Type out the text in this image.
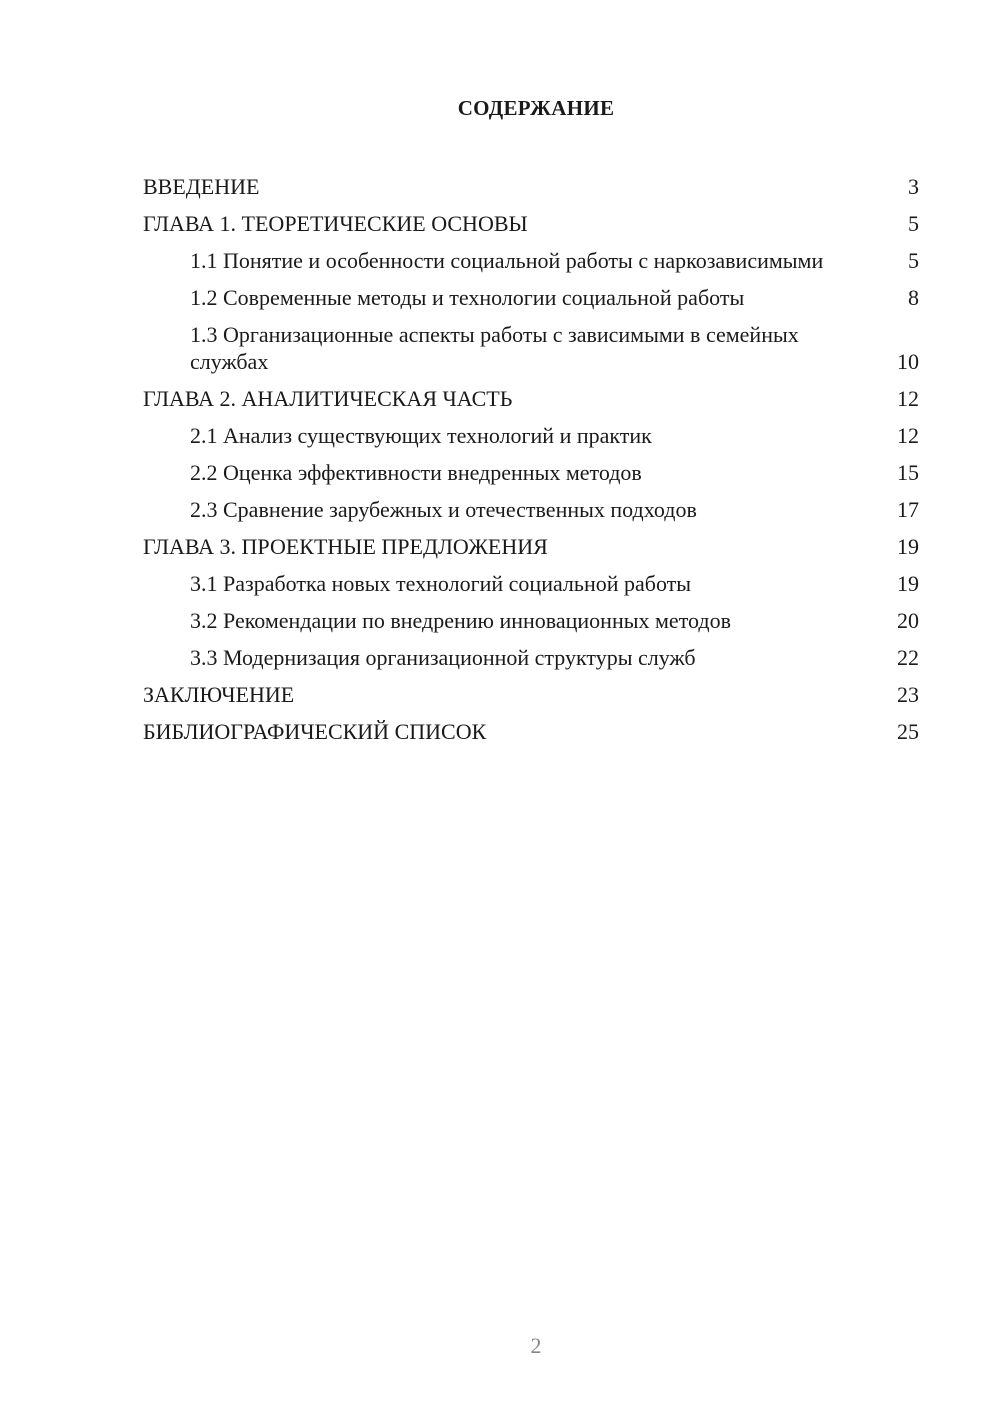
СОДЕРЖАНИЕ
ВВЕДЕНИЕ	3
ГЛАВА 1. ТЕОРЕТИЧЕСКИЕ ОСНОВЫ	5
1.1 Понятие и особенности социальной работы с наркозависимыми	5
1.2 Современные методы и технологии социальной работы	8
1.3 Организационные аспекты работы с зависимыми в семейных службах	10
ГЛАВА 2. АНАЛИТИЧЕСКАЯ ЧАСТЬ	12
2.1 Анализ существующих технологий и практик	12
2.2 Оценка эффективности внедренных методов	15
2.3 Сравнение зарубежных и отечественных подходов	17
ГЛАВА 3. ПРОЕКТНЫЕ ПРЕДЛОЖЕНИЯ	19
3.1 Разработка новых технологий социальной работы	19
3.2 Рекомендации по внедрению инновационных методов	20
3.3 Модернизация организационной структуры служб	22
ЗАКЛЮЧЕНИЕ	23
БИБЛИОГРАФИЧЕСКИЙ СПИСОК	25
2
